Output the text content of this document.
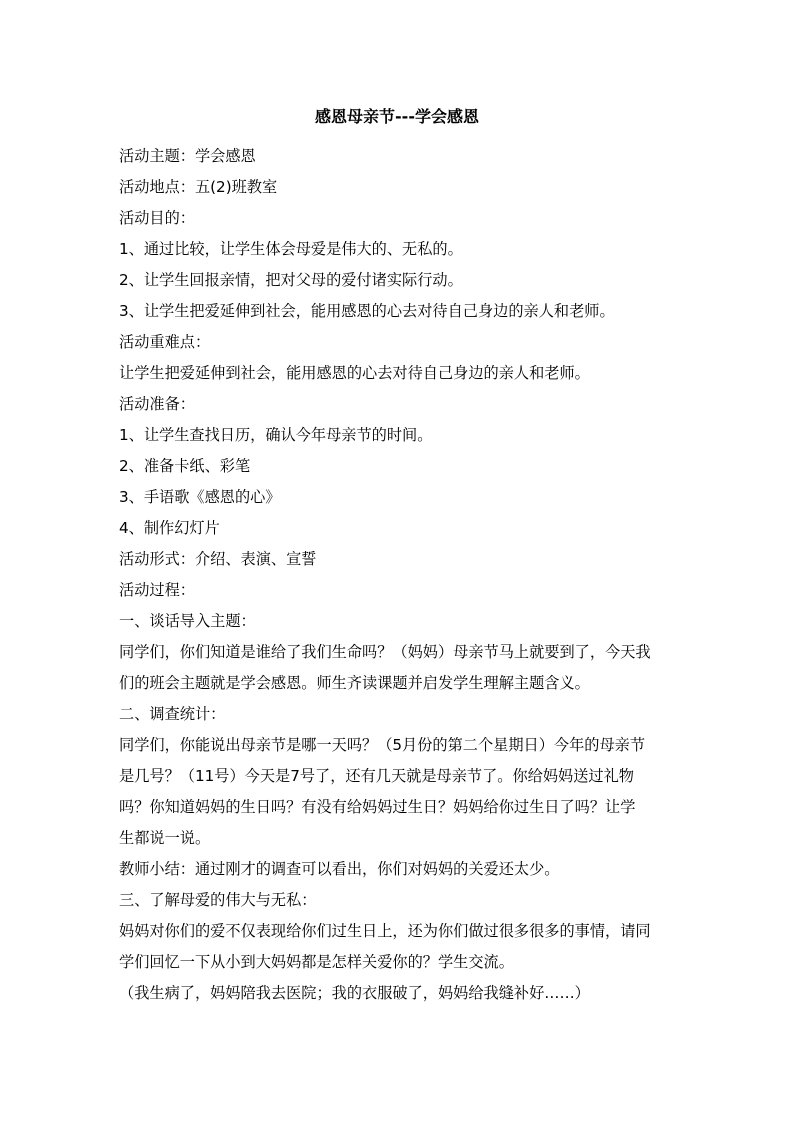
感恩母亲节---学会感恩
活动主题：学会感恩
活动地点：五(2)班教室
活动目的：
1、通过比较，让学生体会母爱是伟大的、无私的。
2、让学生回报亲情，把对父母的爱付诸实际行动。
3、让学生把爱延伸到社会，能用感恩的心去对待自己身边的亲人和老师。
活动重难点：
让学生把爱延伸到社会，能用感恩的心去对待自己身边的亲人和老师。
活动准备：
1、让学生查找日历，确认今年母亲节的时间。
2、准备卡纸、彩笔
3、手语歌《感恩的心》
4、制作幻灯片
活动形式：介绍、表演、宣誓
活动过程：
一、谈话导入主题：
同学们，你们知道是谁给了我们生命吗？（妈妈）母亲节马上就要到了，今天我
们的班会主题就是学会感恩。师生齐读课题并启发学生理解主题含义。
二、调查统计：
同学们，你能说出母亲节是哪一天吗？（5月份的第二个星期日）今年的母亲节
是几号？（11号）今天是7号了，还有几天就是母亲节了。你给妈妈送过礼物
吗？你知道妈妈的生日吗？有没有给妈妈过生日？妈妈给你过生日了吗？让学
生都说一说。
教师小结：通过刚才的调查可以看出，你们对妈妈的关爱还太少。
三、了解母爱的伟大与无私：
妈妈对你们的爱不仅表现给你们过生日上，还为你们做过很多很多的事情，请同
学们回忆一下从小到大妈妈都是怎样关爱你的？学生交流。
（我生病了，妈妈陪我去医院；我的衣服破了，妈妈给我缝补好……）
